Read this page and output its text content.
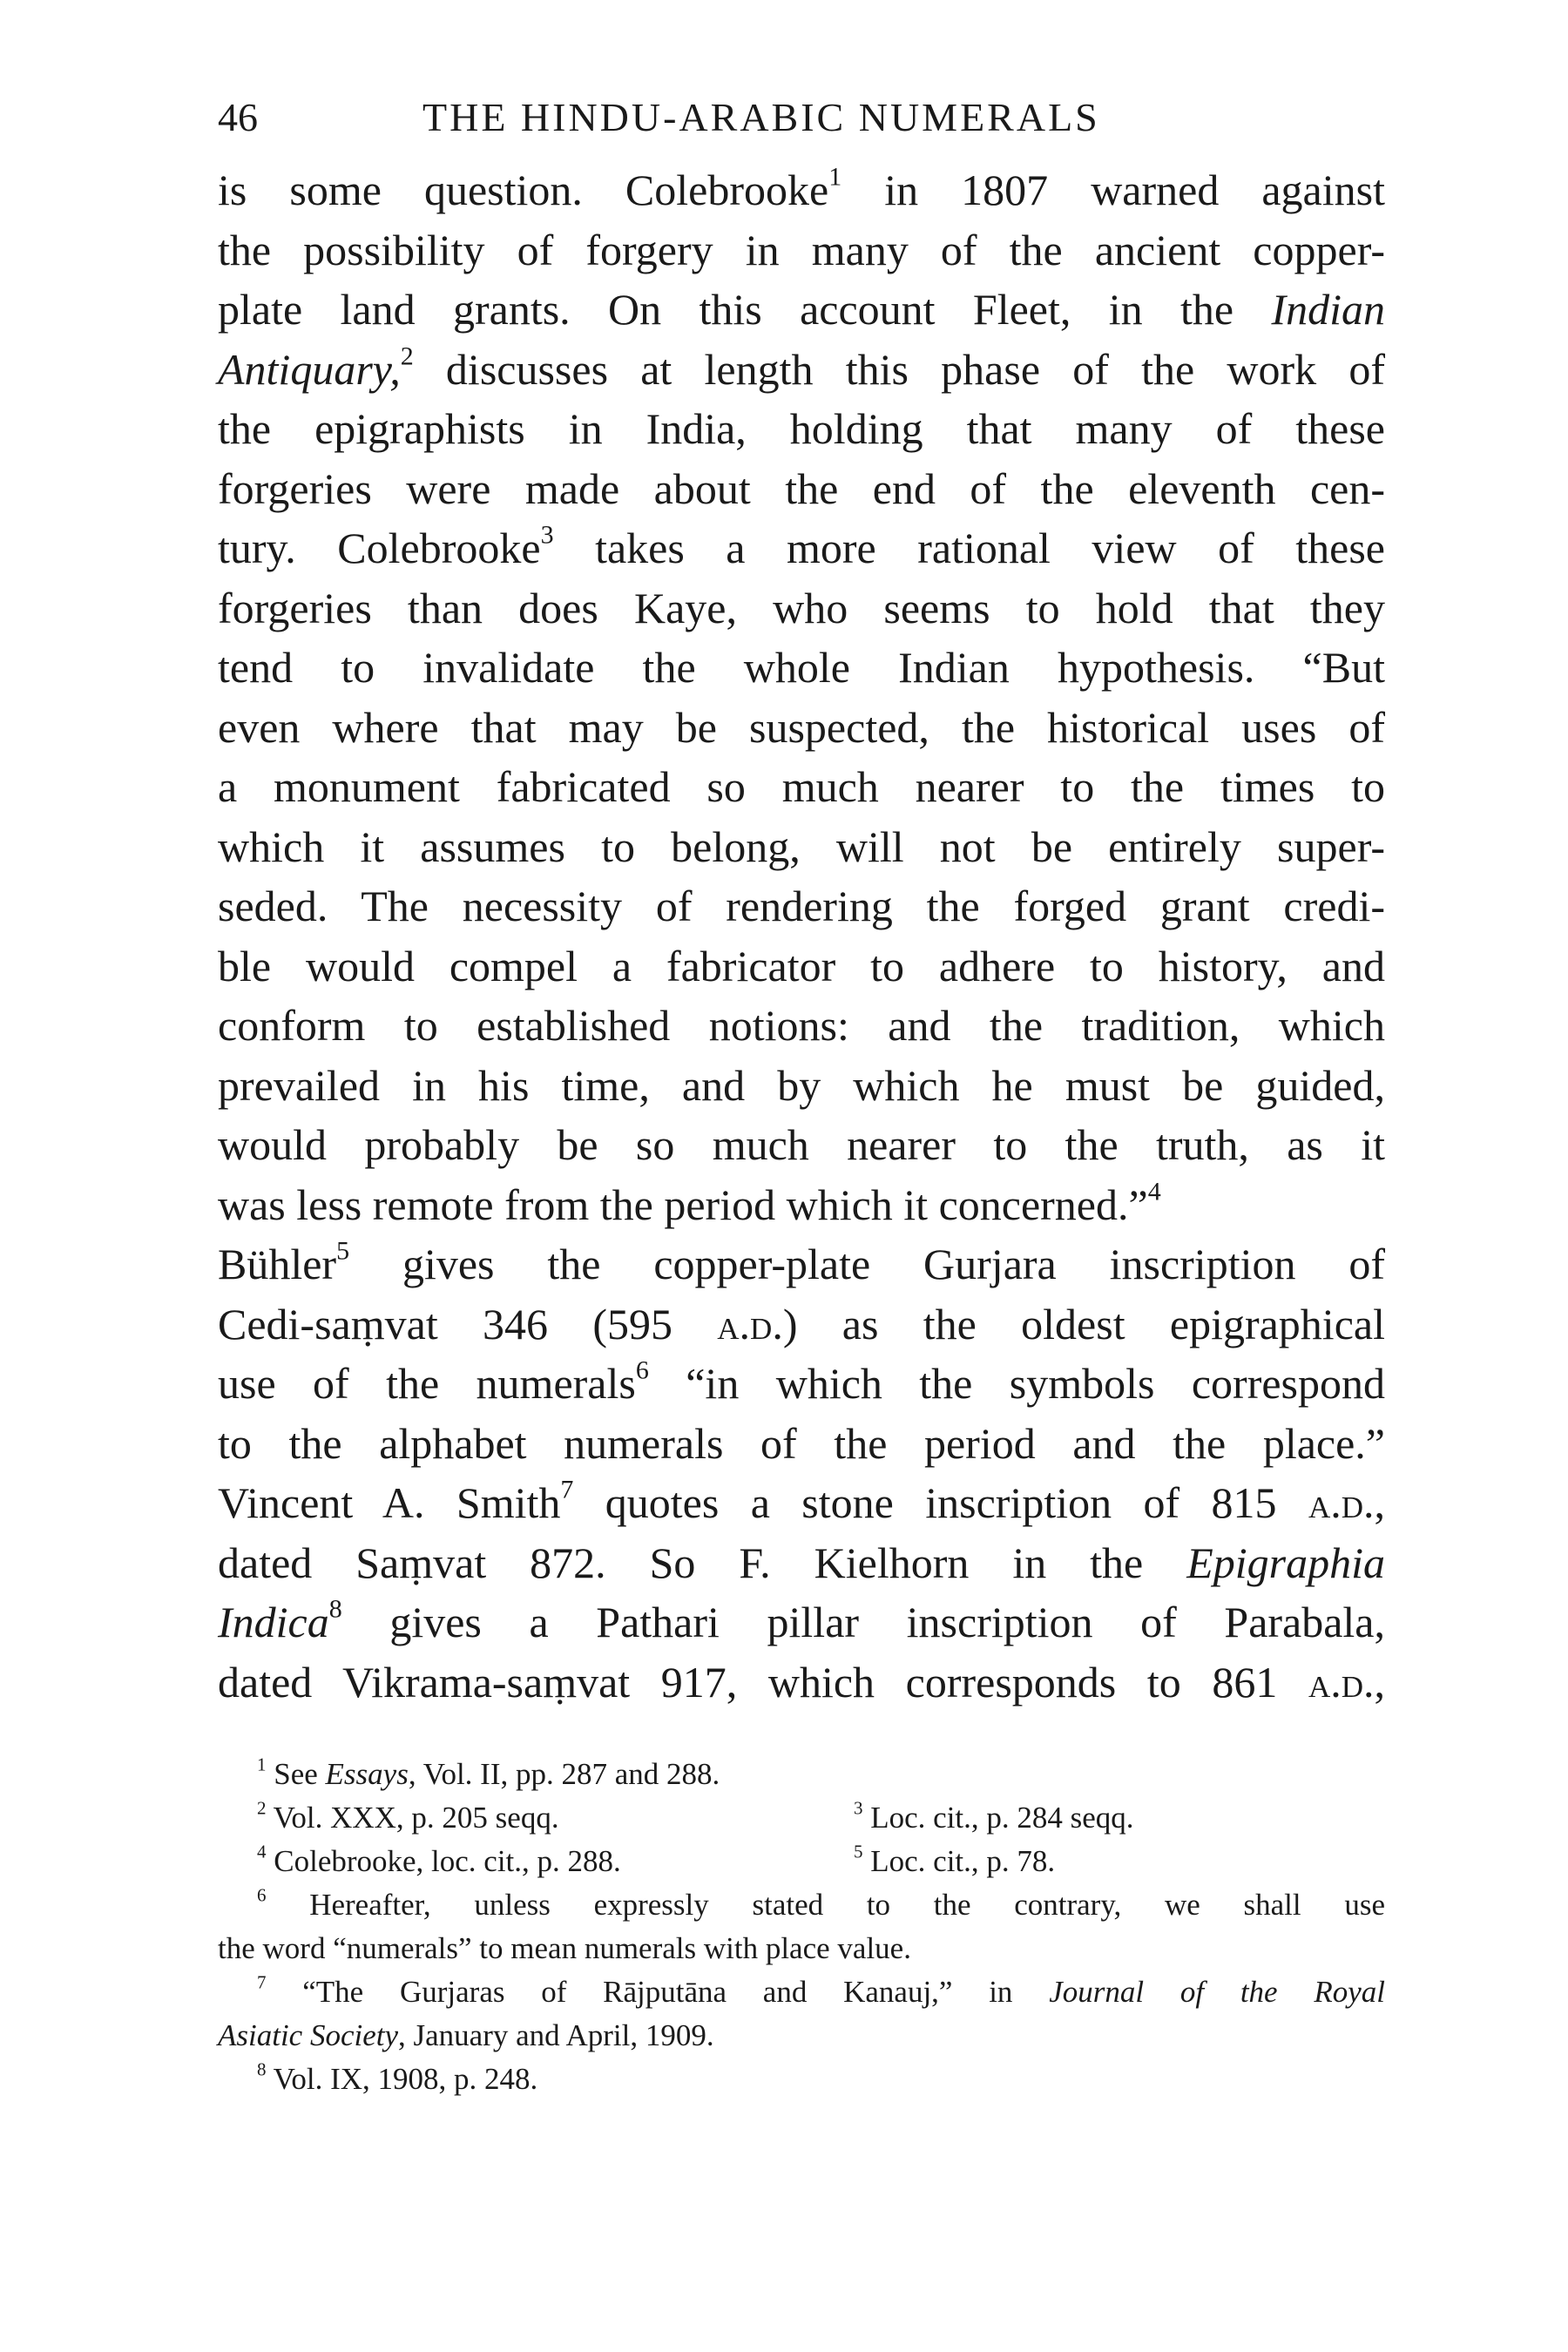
46	THE HINDU-ARABIC NUMERALS
is some question. Colebrooke$^1$ in 1807 warned against
the possibility of forgery in many of the ancient copper-
plate land grants. On this account Fleet, in the Indian
Antiquary,$^2$ discusses at length this phase of the work of
the epigraphists in India, holding that many of these
forgeries were made about the end of the eleventh cen-
tury. Colebrooke$^3$ takes a more rational view of these
forgeries than does Kaye, who seems to hold that they
tend to invalidate the whole Indian hypothesis. “But
even where that may be suspected, the historical uses of
a monument fabricated so much nearer to the times to
which it assumes to belong, will not be entirely super-
seded. The necessity of rendering the forged grant credi-
ble would compel a fabricator to adhere to history, and
conform to established notions: and the tradition, which
prevailed in his time, and by which he must be guided,
would probably be so much nearer to the truth, as it
was less remote from the period which it concerned.”$^4$
Bühler$^5$ gives the copper-plate Gurjara inscription of
Cedi-saṃvat 346 (595 a.d.) as the oldest epigraphical
use of the numerals$^6$ “in which the symbols correspond
to the alphabet numerals of the period and the place.”
Vincent A. Smith$^7$ quotes a stone inscription of 815 a.d.,
dated Saṃvat 872. So F. Kielhorn in the Epigraphia
Indica$^8$ gives a Pathari pillar inscription of Parabala,
dated Vikrama-saṃvat 917, which corresponds to 861 a.d.,
$^1$ See Essays, Vol. II, pp. 287 and 288.
$^2$ Vol. XXX, p. 205 seqq.	$^3$ Loc. cit., p. 284 seqq.
$^4$ Colebrooke, loc. cit., p. 288.	$^5$ Loc. cit., p. 78.
$^6$ Hereafter, unless expressly stated to the contrary, we shall use
the word “numerals” to mean numerals with place value.
$^7$ “The Gurjaras of Rājputāna and Kanauj,” in Journal of the Royal
Asiatic Society, January and April, 1909.
$^8$ Vol. IX, 1908, p. 248.
